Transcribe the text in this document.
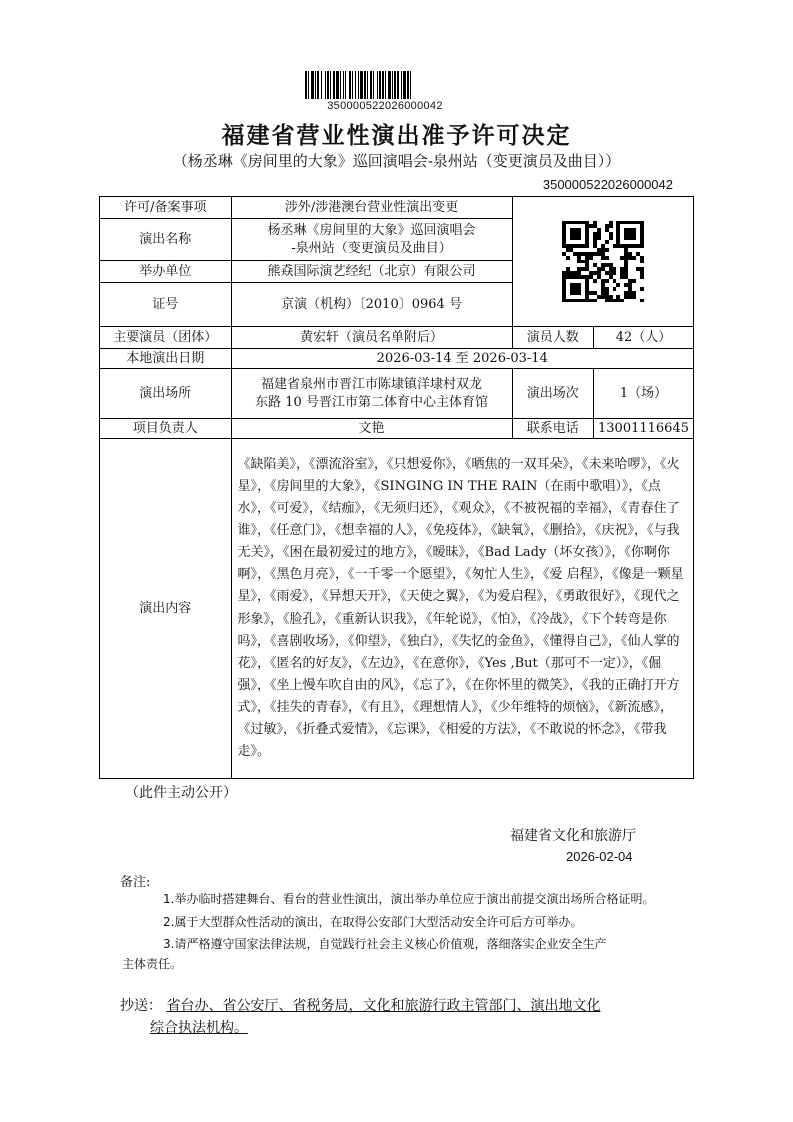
350000522026000042
福建省营业性演出准予许可决定
（杨丞琳《房间里的大象》巡回演唱会-泉州站（变更演员及曲目））
350000522026000042
许可/备案事项	涉外/涉港澳台营业性演出变更		

演出名称	杨丞琳《房间里的大象》巡回演唱会
-泉州站（变更演员及曲目）		

举办单位	熊猋国际演艺经纪（北京）有限公司		
证号	京演（机构）〔2010〕0964 号		

主要演员（团体）	黄宏轩（演员名单附后）	演员人数	42（人）
本地演出日期	2026-03-14 至 2026-03-14		
演出场所	福建省泉州市晋江市陈埭镇洋埭村双龙
东路 10 号晋江市第二体育中心主体育馆	演出场次	1（场）
项目负责人	文艳	联系电话	13001116645
演出内容	《缺陷美》，《漂流浴室》，《只想爱你》，《晒焦的一双耳朵》，《未来哈啰》，《火星》，《房间里的大象》，《SINGING IN THE RAIN（在雨中歌唱）》，《点水》，《可爱》，《结痂》，《无须归还》，《观众》，《不被祝福的幸福》，《青春住了谁》，《任意门》，《想幸福的人》，《免疫体》，《缺氧》，《删拾》，《庆祝》，《与我无关》，《困在最初爱过的地方》，《暧昧》，《Bad Lady（坏女孩）》，《你啊你啊》，《黑色月亮》，《一千零一个愿望》，《匆忙人生》，《爱 启程》，《像是一颗星星》，《雨爱》，《异想天开》，《天使之翼》，《为爱启程》，《勇敢很好》，《现代之形象》，《脸孔》，《重新认识我》，《年轮说》，《怕》，《冷战》，《下个转弯是你吗》，《喜剧收场》，《仰望》，《独白》，《失忆的金鱼》，《懂得自己》，《仙人掌的花》，《匿名的好友》，《左边》，《在意你》，《Yes ,But（那可不一定）》，《倔强》，《坐上慢车吹自由的风》，《忘了》，《在你怀里的微笑》，《我的正确打开方式》，《挂失的青春》，《有且》，《理想情人》，《少年维特的烦恼》，《新流感》，《过敏》，《折叠式爱情》，《忘课》，《相爱的方法》，《不敢说的怀念》，《带我走》。		
（此件主动公开）
福建省文化和旅游厅
2026-02-04
备注:
1.举办临时搭建舞台、看台的营业性演出，演出举办单位应于演出前提交演出场所合格证明。
2.属于大型群众性活动的演出，在取得公安部门大型活动安全许可后方可举办。
3.请严格遵守国家法律法规，自觉践行社会主义核心价值观，落细落实企业安全生产
主体责任。
抄送： 省台办、省公安厅、省税务局，文化和旅游行政主管部门、演出地文化
综合执法机构。
